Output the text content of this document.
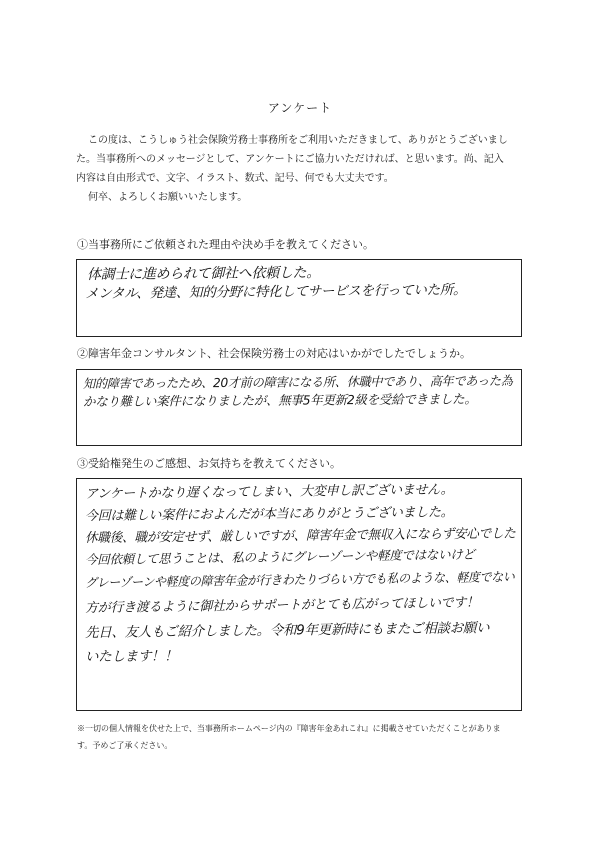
アンケート

この度は、こうしゅう社会保険労務士事務所をご利用いただきまして、ありがとうございまし

た。当事務所へのメッセージとして、アンケートにご協力いただければ、と思います。尚、記入

内容は自由形式で、文字、イラスト、数式、記号、何でも大丈夫です。

何卒、よろしくお願いいたします。

①当事務所にご依頼された理由や決め手を教えてください。
体調士に進められて御社へ依頼した。
メンタル、発達、知的分野に特化してサービスを行っていた所。
②障害年金コンサルタント、社会保険労務士の対応はいかがでしたでしょうか。
知的障害であったため、20才前の障害になる所、休職中であり、高年であった為
かなり難しい案件になりましたが、無事5年更新2級を受給できました。
③受給権発生のご感想、お気持ちを教えてください。
アンケートかなり遅くなってしまい、大変申し訳ございません。
今回は難しい案件におよんだが本当にありがとうございました。
休職後、職が安定せず、厳しいですが、障害年金で無収入にならず安心でした
今回依頼して思うことは、私のようにグレーゾーンや軽度ではないけど
グレーゾーンや軽度の障害年金が行きわたりづらい方でも私のような、軽度でない
方が行き渡るように御社からサポートがとても広がってほしいです！
先日、友人もご紹介しました。令和9年更新時にもまたご相談お願い
いたします！！

※一切の個人情報を伏せた上で、当事務所ホームページ内の『障害年金あれこれ』に掲載させていただくことがありま

す。予めご了承ください。
